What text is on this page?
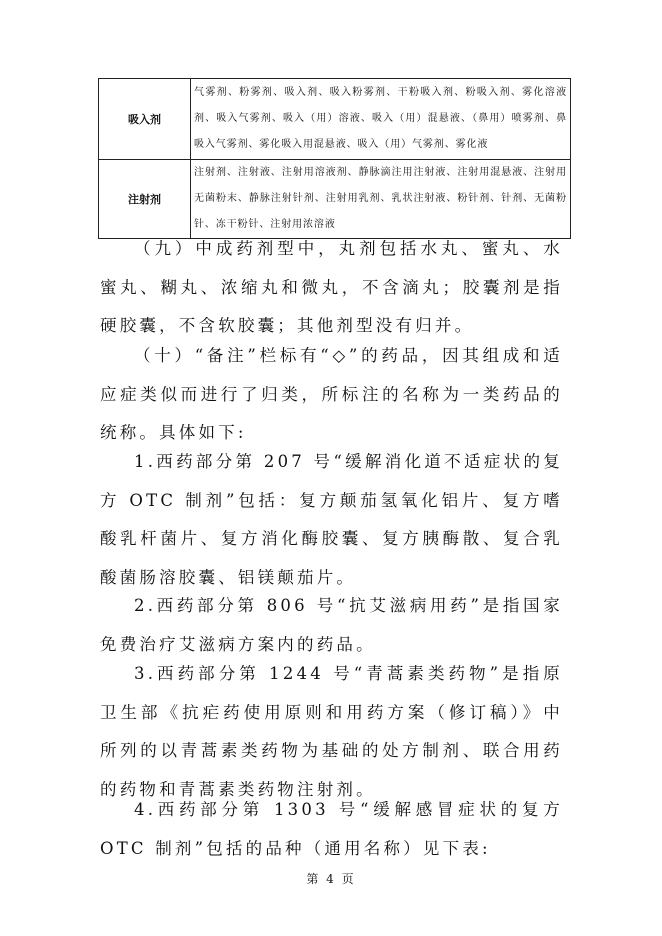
吸入剂	气雾剂、粉雾剂、吸入剂、吸入粉雾剂、干粉吸入剂、粉吸入剂、雾化溶液剂、吸入气雾剂、吸入（用）溶液、吸入（用）混悬液、（鼻用）喷雾剂、鼻吸入气雾剂、雾化吸入用混悬液、吸入（用）气雾剂、雾化液
注射剂	注射剂、注射液、注射用溶液剂、静脉滴注用注射液、注射用混悬液、注射用无菌粉末、静脉注射针剂、注射用乳剂、乳状注射液、粉针剂、针剂、无菌粉针、冻干粉针、注射用浓溶液
（九）中成药剂型中，丸剂包括水丸、蜜丸、水蜜丸、糊丸、浓缩丸和微丸，不含滴丸；胶囊剂是指硬胶囊，不含软胶囊；其他剂型没有归并。
（十）“备注”栏标有“◇”的药品，因其组成和适应症类似而进行了归类，所标注的名称为一类药品的统称。具体如下:
1.西药部分第 207 号“缓解消化道不适症状的复方 OTC 制剂”包括：复方颠茄氢氧化铝片、复方嗜酸乳杆菌片、复方消化酶胶囊、复方胰酶散、复合乳酸菌肠溶胶囊、铝镁颠茄片。
2.西药部分第 806 号“抗艾滋病用药”是指国家免费治疗艾滋病方案内的药品。
3.西药部分第 1244 号“青蒿素类药物”是指原卫生部《抗疟药使用原则和用药方案（修订稿）》中所列的以青蒿素类药物为基础的处方制剂、联合用药的药物和青蒿素类药物注射剂。
4.西药部分第 1303 号“缓解感冒症状的复方 OTC 制剂”包括的品种（通用名称）见下表:
第 4 页
